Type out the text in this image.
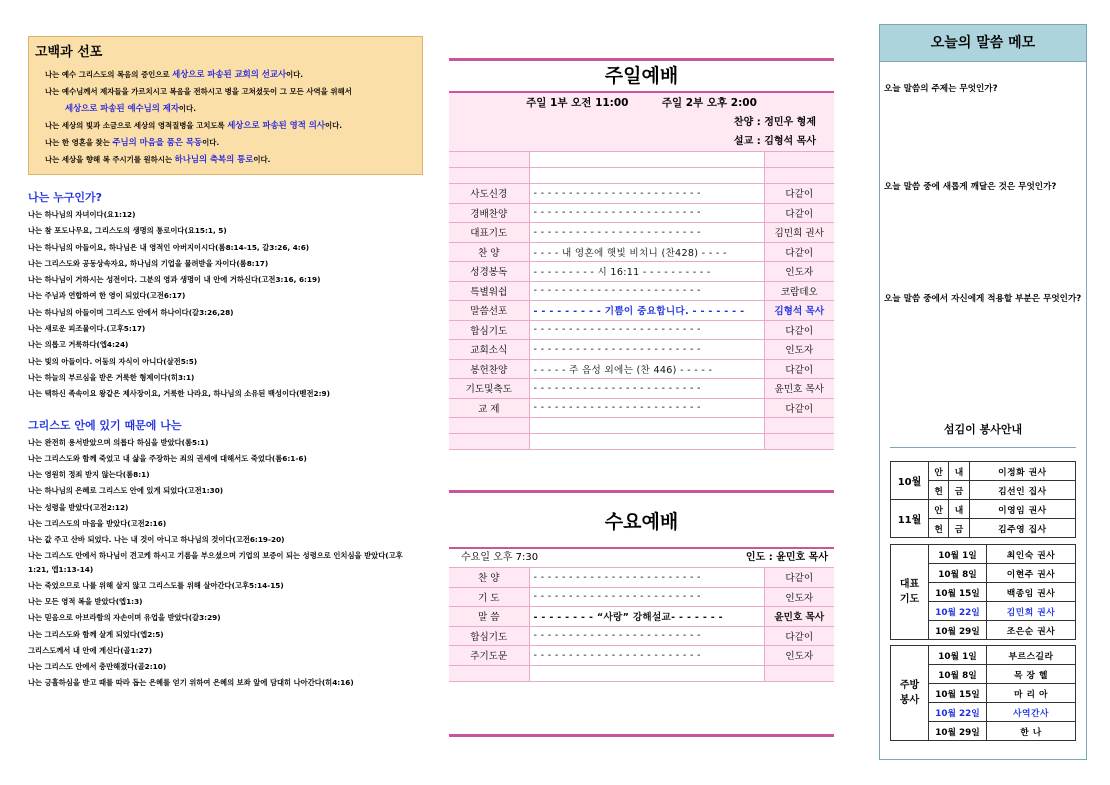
고백과 선포
나는 예수 그리스도의 복음의 증인으로 세상으로 파송된 교회의 선교사이다.
나는 예수님께서 제자들을 가르치시고 복음을 전하시고 병을 고쳐셨듯이 그 모든 사역을 위해서
세상으로 파송된 예수님의 제자이다.
나는 세상의 빛과 소금으로 세상의 영적질병을 고치도록 세상으로 파송된 영적 의사이다.
나는 한 영혼을 찾는 주님의 마음을 품은 목동이다.
나는 세상을 향해 복 주시기를 원하시는 하나님의 축복의 통로이다.
나는 누구인가?
나는 하나님의 자녀이다(요1:12)
나는 참 포도나무요, 그리스도의 생명의 통로이다(요15:1, 5)
나는 하나님의 아들이요, 하나님은 내 영적인 아버지이시다(롬8:14-15, 갈3:26, 4:6)
나는 그리스도와 공동상속자요, 하나님의 기업을 물려받을 자이다(롬8:17)
나는 하나님이 거하시는 성전이다. 그분의 영과 생명이 내 안에 거하신다(고전3:16, 6:19)
나는 주님과 연합하여 한 영이 되었다(고전6:17)
나는 하나님의 아들이며 그리스도 안에서 하나이다(갈3:26,28)
나는 새로운 피조물이다.(고후5:17)
나는 의롭고 거룩하다(엡4:24)
나는 빛의 아들이다. 어둠의 자식이 아니다(살전5:5)
나는 하늘의 부르심을 받은 거룩한 형제이다(히3:1)
나는 택하신 족속이요 왕같은 제사장이요, 거룩한 나라요, 하나님의 소유된 백성이다(벧전2:9)
그리스도 안에 있기 때문에 나는
나는 완전히 용서받았으며 의롭다 하심을 받았다(롬5:1)
나는 그리스도와 함께 죽었고 내 삶을 주장하는 죄의 권세에 대해서도 죽었다(롬6:1-6)
나는 영원히 정죄 받지 않는다(롬8:1)
나는 하나님의 은혜로 그리스도 안에 있게 되었다(고전1:30)
나는 성령을 받았다(고전2:12)
나는 그리스도의 마음을 받았다(고전2:16)
나는 값 주고 산바 되었다. 나는 내 것이 아니고 하나님의 것이다(고전6:19-20)
나는 그리스도 안에서 하나님이 견고케 하시고 기름을 부으셨으며 기업의 보증이 되는 성령으로 인치심을 받았다(고후1:21, 엡1:13-14)
나는 죽었으므로 나를 위해 살지 않고 그리스도를 위해 살아간다(고후5:14-15)
나는 모든 영적 복을 받았다(엡1:3)
나는 믿음으로 아브라함의 자손이며 유업을 받았다(갈3:29)
나는 그리스도와 함께 살게 되었다(엡2:5)
그리스도께서 내 안에 계신다(골1:27)
나는 그리스도 안에서 충만해졌다(골2:10)
나는 긍휼하심을 받고 때를 따라 돕는 은혜를 얻기 위하여 은혜의 보좌 앞에 담대히 나아간다(히4:16)
주일예배
주일 1부 오전 11:00	주일 2부 오후 2:00
찬양 : 정민우 형제
설교 : 김형석 목사

사도신경	- - - - - - - - - - - - - - - - - - - - - - - -	다같이
경배찬양	- - - - - - - - - - - - - - - - - - - - - - - -	다같이
대표기도	- - - - - - - - - - - - - - - - - - - - - - - -	김민희 권사
찬 양	- - - - 내 영혼에 햇빛 비치니 (찬428) - - - -	다같이
성경봉독	- - - - - - - - - 시 16:11 - - - - - - - - - -	인도자
특별워쉽	- - - - - - - - - - - - - - - - - - - - - - - -	코람데오
말씀선포	- - - - - - - - - 기쁨이 중요합니다. - - - - - - -	김형석 목사
합심기도	- - - - - - - - - - - - - - - - - - - - - - - -	다같이
교회소식	- - - - - - - - - - - - - - - - - - - - - - - -	인도자
봉헌찬양	- - - - - 주 음성 외에는 (찬 446) - - - - -	다같이
기도및축도	- - - - - - - - - - - - - - - - - - - - - - - -	윤민호 목사
교 제	- - - - - - - - - - - - - - - - - - - - - - - -	다같이

수요예배
수요일 오후 7:30	인도 : 윤민호 목사
찬 양	- - - - - - - - - - - - - - - - - - - - - - - -	다같이
기 도	- - - - - - - - - - - - - - - - - - - - - - - -	인도자
말 씀	- - - - - - - - “사랑” 강해설교- - - - - - -	윤민호 목사
합심기도	- - - - - - - - - - - - - - - - - - - - - - - -	다같이
주기도문	- - - - - - - - - - - - - - - - - - - - - - - -	인도자

오늘의 말씀 메모
오늘 말씀의 주제는 무엇인가?
오늘 말씀 중에 새롭게 깨달은 것은 무엇인가?
오늘 말씀 중에서 자신에게 적용할 부분은 무엇인가?
섬김이 봉사안내
10월	안	내	이정화 권사
	헌	금	김선인 집사
11월	안	내	이영임 권사
	헌	금	김주영 집사
대표
기도	10월 1일	최인숙 권사
	10월 8일	이현주 권사
	10월 15일	백종임 권사
	10월 22일	김민희 권사
	10월 29일	조은순 권사
주방
봉사	10월 1일	부르스길라
	10월 8일	목 장 헬
	10월 15일	마 리 아
	10월 22일	사역간사
	10월 29일	한 나
